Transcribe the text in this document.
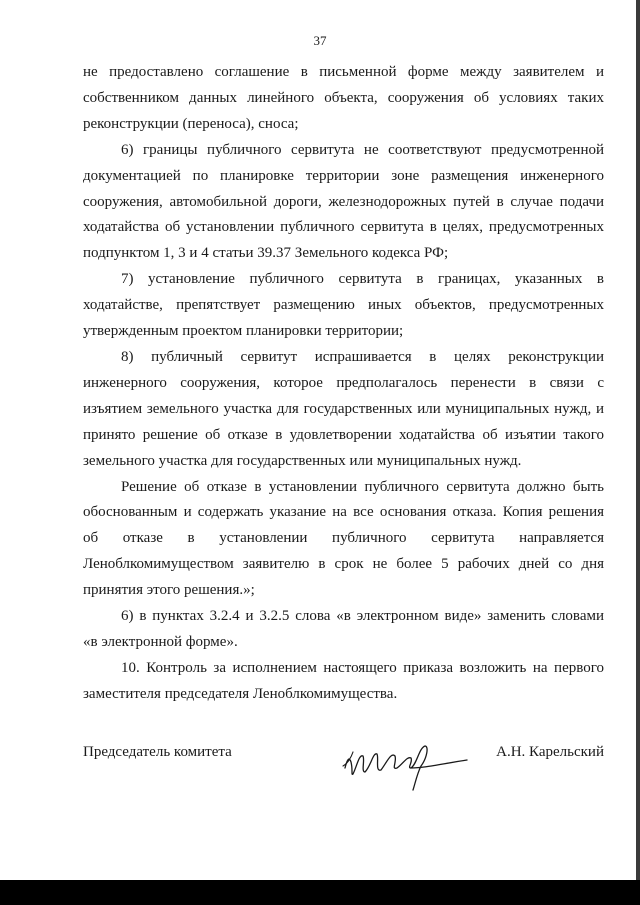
37

не предоставлено соглашение в письменной форме между заявителем и
собственником данных линейного объекта, сооружения об условиях таких
реконструкции (переноса), сноса;

6) границы публичного сервитута не соответствуют предусмотренной
документацией по планировке территории зоне размещения инженерного
сооружения, автомобильной дороги, железнодорожных путей в случае подачи
ходатайства об установлении публичного сервитута в целях, предусмотренных
подпунктом 1, 3 и 4 статьи 39.37 Земельного кодекса РФ;

7) установление публичного сервитута в границах, указанных в
ходатайстве, препятствует размещению иных объектов, предусмотренных
утвержденным проектом планировки территории;

8) публичный сервитут испрашивается в целях реконструкции
инженерного сооружения, которое предполагалось перенести в связи с
изъятием земельного участка для государственных или муниципальных нужд, и
принято решение об отказе в удовлетворении ходатайства об изъятии такого
земельного участка для государственных или муниципальных нужд.

Решение об отказе в установлении публичного сервитута должно быть
обоснованным и содержать указание на все основания отказа. Копия решения
об отказе в установлении публичного сервитута направляется
Леноблкомимуществом заявителю в срок не более 5 рабочих дней со дня
принятия этого решения.»;

6) в пунктах 3.2.4 и 3.2.5 слова «в электронном виде» заменить словами
«в электронной форме».

10. Контроль за исполнением настоящего приказа возложить на первого
заместителя председателя Леноблкомимущества.

Председатель комитета	А.Н. Карельский
